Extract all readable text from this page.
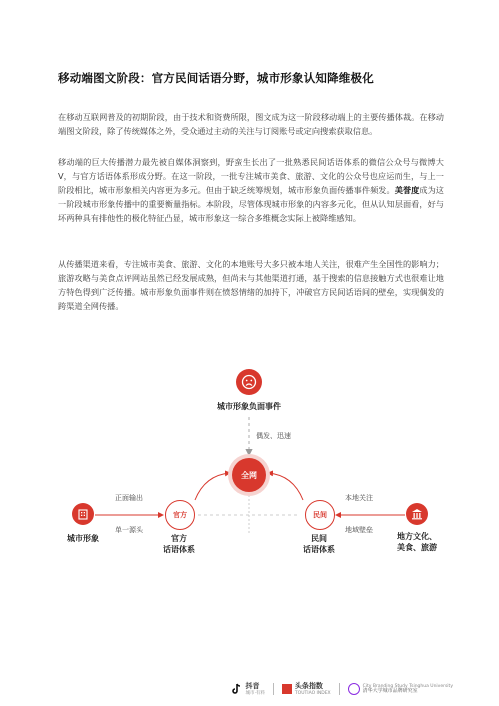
移动端图文阶段：官方民间话语分野，城市形象认知降维极化

在移动互联网普及的初期阶段，由于技术和资费所限，图文成为这一阶段移动端上的主要传播体裁。在移动端图文阶段，除了传统媒体之外，受众通过主动的关注与订阅账号或定向搜索获取信息。

移动端的巨大传播潜力最先被自媒体洞察到，野蛮生长出了一批熟悉民间话语体系的微信公众号与微博大V，与官方话语体系形成分野。在这一阶段，一批专注城市美食、旅游、文化的公众号也应运而生，与上一阶段相比，城市形象相关内容更为多元。但由于缺乏统筹规划，城市形象负面传播事件频发。美誉度成为这一阶段城市形象传播中的重要衡量指标。本阶段，尽管体现城市形象的内容多元化，但从认知层面看，好与坏两种具有排他性的极化特征凸显，城市形象这一综合多维概念实际上被降维感知。

从传播渠道来看，专注城市美食、旅游、文化的本地账号大多只被本地人关注，很难产生全国性的影响力；旅游攻略与美食点评网站虽然已经发展成熟，但尚未与其他渠道打通，基于搜索的信息接触方式也很难让地方特色得到广泛传播。城市形象负面事件则在愤怒情绪的加持下，冲破官方民间话语间的壁垒，实现偶发的跨渠道全网传播。

城市形象负面事件
偶发、迅速
全网
城市形象
正面输出
单一源头
官方
官方
话语体系
民间
民间
话语体系
本地关注
地域壁垒
地方文化、
美食、旅游
抖音
城市·有料
头条指数
TOUTIAO INDEX
City Branding Study Tsinghua University
清华大学城市品牌研究室
